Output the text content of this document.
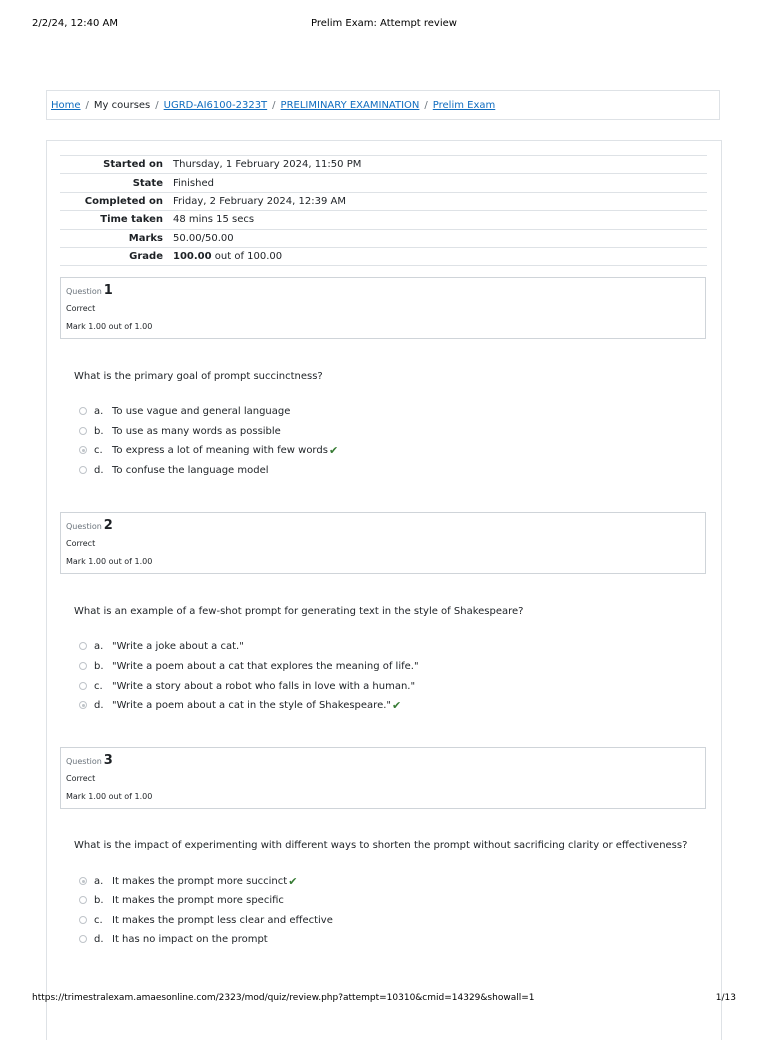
2/2/24, 12:40 AM	Prelim Exam: Attempt review
Home / My courses / UGRD-AI6100-2323T / PRELIMINARY EXAMINATION / Prelim Exam
Started on	Thursday, 1 February 2024, 11:50 PM
State	Finished
Completed on	Friday, 2 February 2024, 12:39 AM
Time taken	48 mins 15 secs
Marks	50.00/50.00
Grade	100.00 out of 100.00
Question 1
Correct
Mark 1.00 out of 1.00
What is the primary goal of prompt succinctness?
a. To use vague and general language
b. To use as many words as possible
c. To express a lot of meaning with few words ✔
d. To confuse the language model
Question 2
Correct
Mark 1.00 out of 1.00
What is an example of a few-shot prompt for generating text in the style of Shakespeare?
a. "Write a joke about a cat."
b. "Write a poem about a cat that explores the meaning of life."
c. "Write a story about a robot who falls in love with a human."
d. "Write a poem about a cat in the style of Shakespeare." ✔
Question 3
Correct
Mark 1.00 out of 1.00
What is the impact of experimenting with different ways to shorten the prompt without sacrificing clarity or effectiveness?
a. It makes the prompt more succinct ✔
b. It makes the prompt more specific
c. It makes the prompt less clear and effective
d. It has no impact on the prompt
https://trimestralexam.amaesonline.com/2323/mod/quiz/review.php?attempt=10310&cmid=14329&showall=1	1/13
